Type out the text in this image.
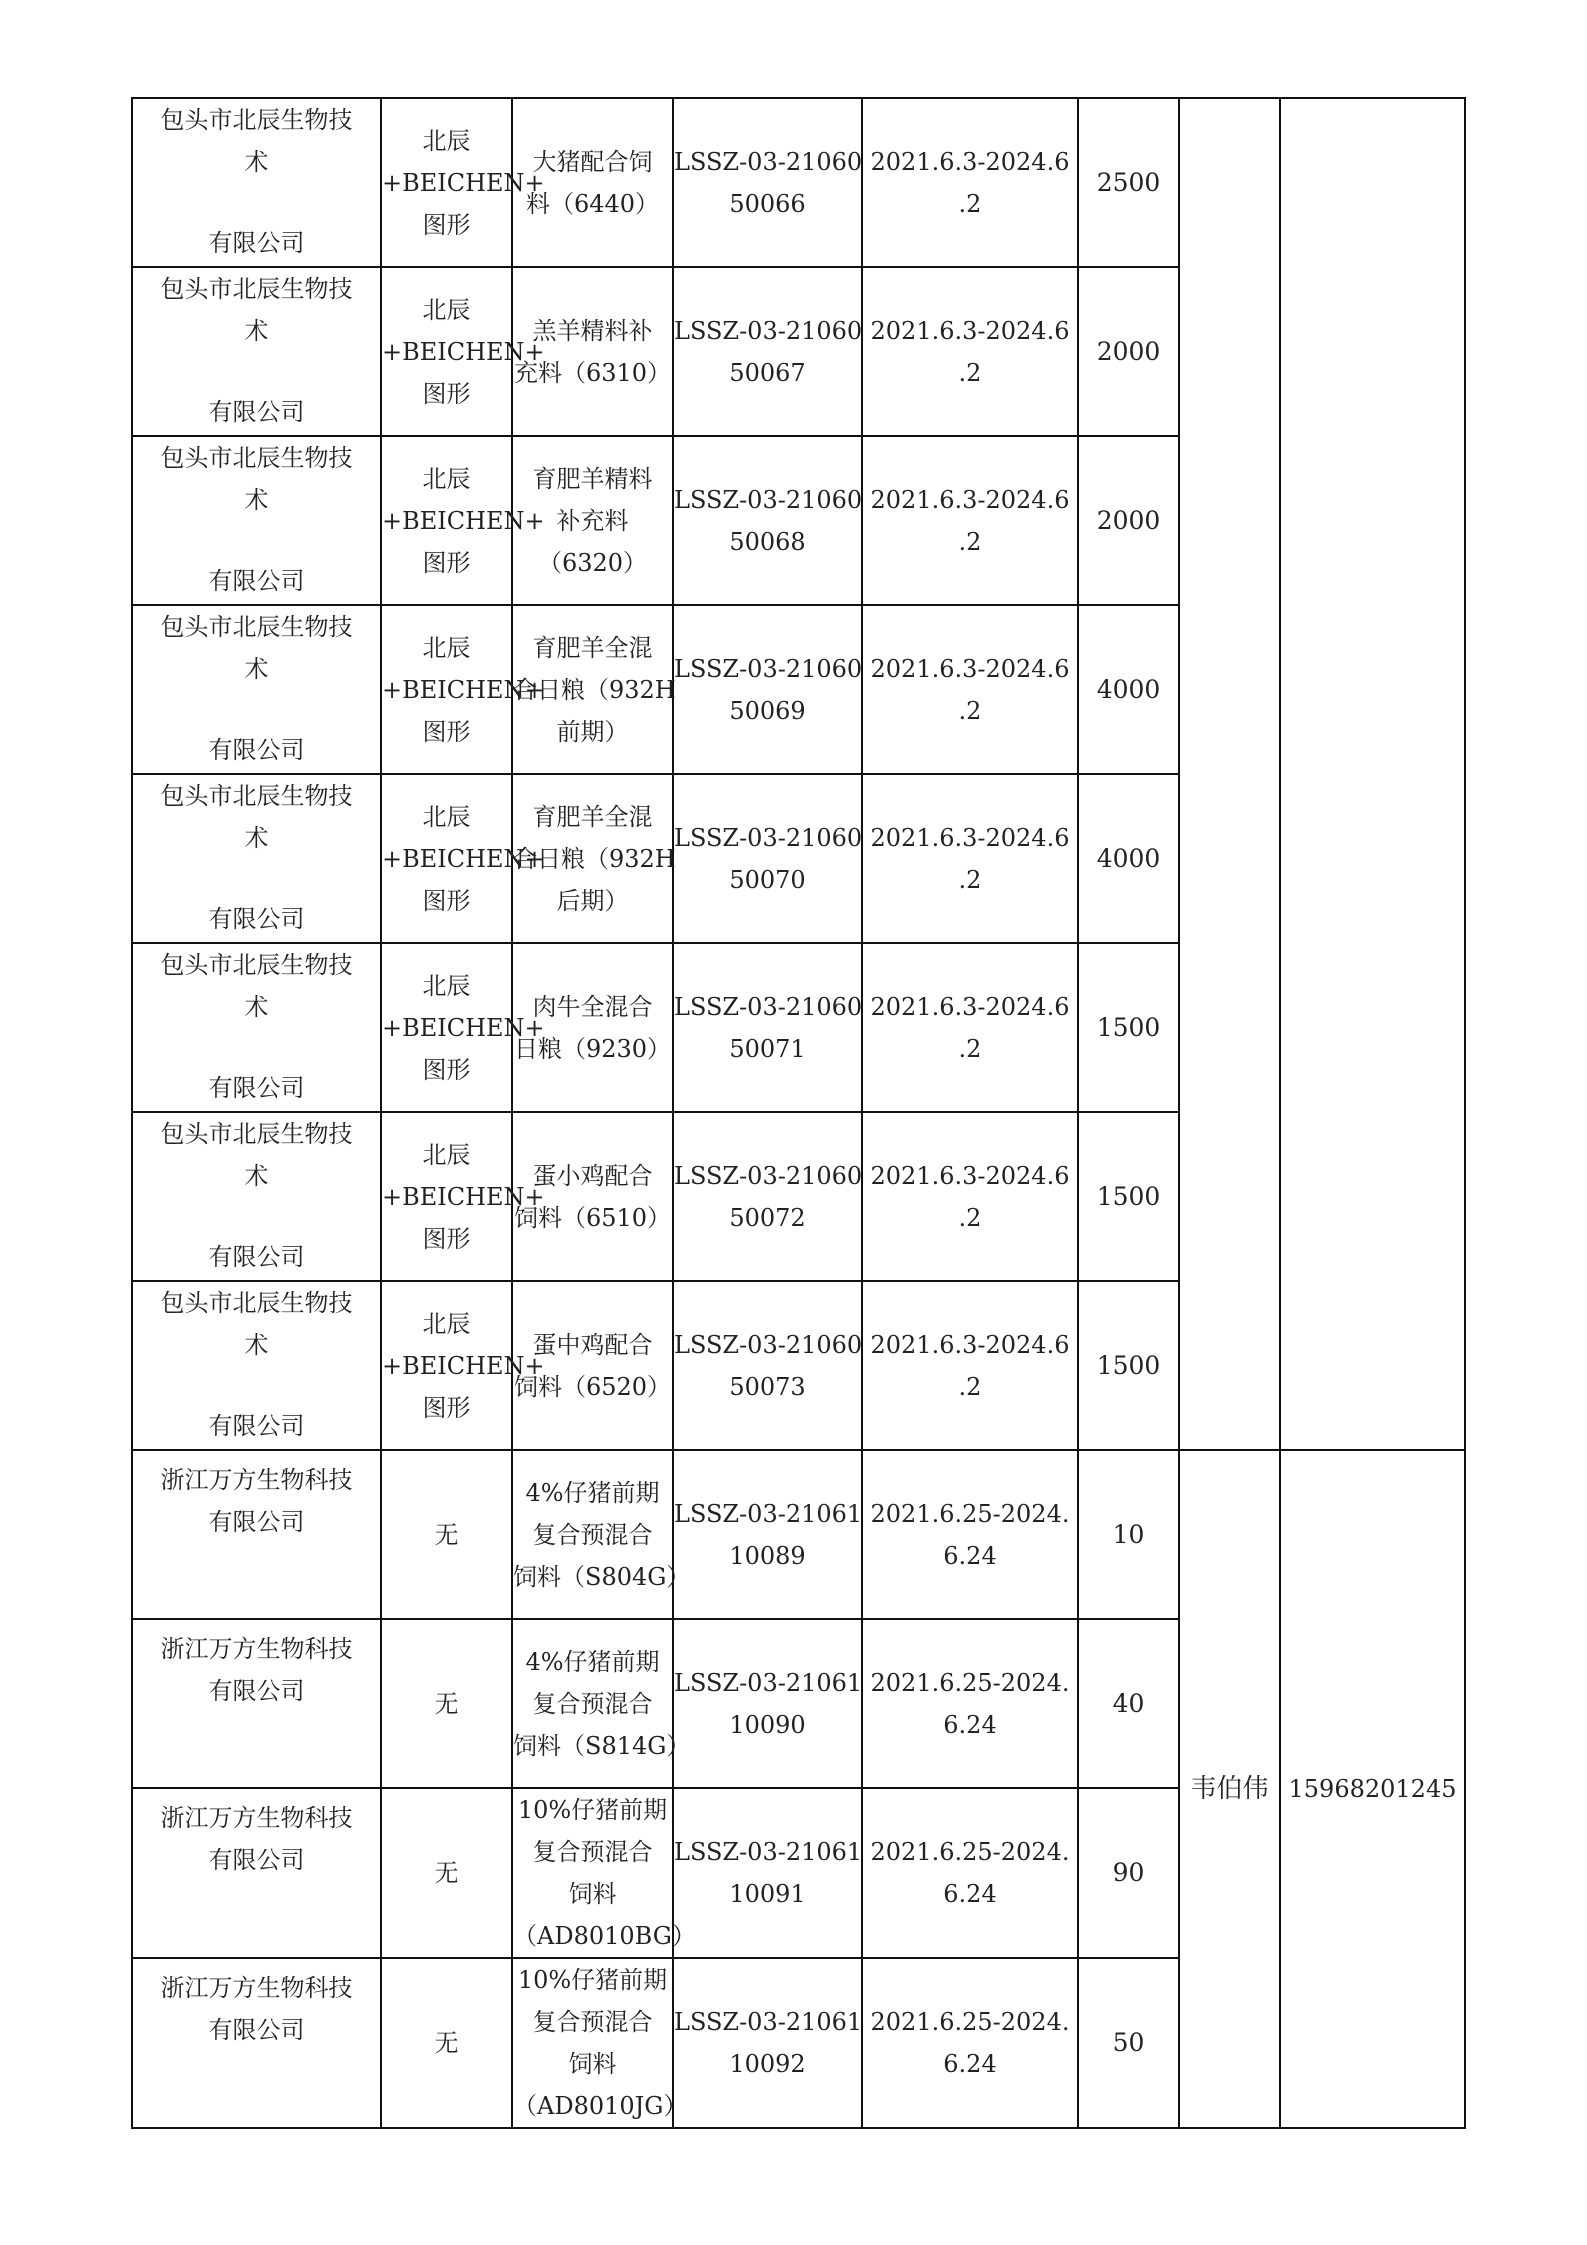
包头市北辰生物技
术
有限公司	北辰
+BEICHEN+
图形	大猪配合饲
料（6440）	LSSZ-03-21060
50066	2021.6.3-2024.6
.2	2500		

包头市北辰生物技
术
有限公司	北辰
+BEICHEN+
图形	羔羊精料补
充料（6310）	LSSZ-03-21060
50067	2021.6.3-2024.6
.2	2000		

包头市北辰生物技
术
有限公司	北辰
+BEICHEN+
图形	育肥羊精料
补充料
（6320）	LSSZ-03-21060
50068	2021.6.3-2024.6
.2	2000		

包头市北辰生物技
术
有限公司	北辰
+BEICHEN+
图形	育肥羊全混
合日粮（932H
前期）	LSSZ-03-21060
50069	2021.6.3-2024.6
.2	4000		

包头市北辰生物技
术
有限公司	北辰
+BEICHEN+
图形	育肥羊全混
合日粮（932H
后期）	LSSZ-03-21060
50070	2021.6.3-2024.6
.2	4000		

包头市北辰生物技
术
有限公司	北辰
+BEICHEN+
图形	肉牛全混合
日粮（9230）	LSSZ-03-21060
50071	2021.6.3-2024.6
.2	1500		

包头市北辰生物技
术
有限公司	北辰
+BEICHEN+
图形	蛋小鸡配合
饲料（6510）	LSSZ-03-21060
50072	2021.6.3-2024.6
.2	1500		

包头市北辰生物技
术
有限公司	北辰
+BEICHEN+
图形	蛋中鸡配合
饲料（6520）	LSSZ-03-21060
50073	2021.6.3-2024.6
.2	1500		

浙江万方生物科技
有限公司	无	4%仔猪前期
复合预混合
饲料（S804G）	LSSZ-03-21061
10089	2021.6.25-2024.
6.24	10	韦伯伟	15968201245

浙江万方生物科技
有限公司	无	4%仔猪前期
复合预混合
饲料（S814G）	LSSZ-03-21061
10090	2021.6.25-2024.
6.24	40		

浙江万方生物科技
有限公司	无	10%仔猪前期
复合预混合
饲料
（AD8010BG）	LSSZ-03-21061
10091	2021.6.25-2024.
6.24	90		

浙江万方生物科技
有限公司	无	10%仔猪前期
复合预混合
饲料
（AD8010JG）	LSSZ-03-21061
10092	2021.6.25-2024.
6.24	50		
